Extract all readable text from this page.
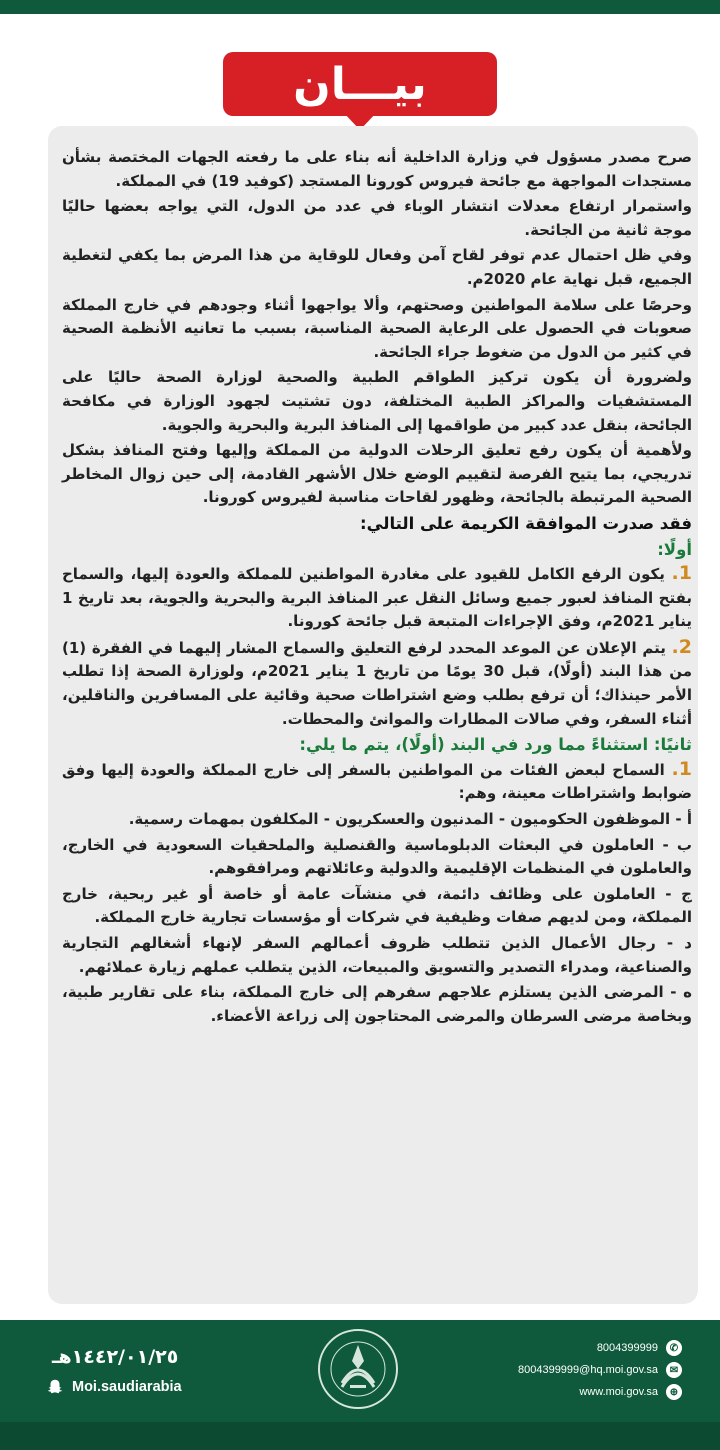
بيـــان

صرح مصدر مسؤول في وزارة الداخلية أنه بناء على ما رفعته الجهات المختصة بشأن مستجدات المواجهة مع جائحة فيروس كورونا المستجد (كوفيد 19) في المملكة.

واستمرار ارتفاع معدلات انتشار الوباء في عدد من الدول، التي يواجه بعضها حاليًا موجة ثانية من الجائحة.

وفي ظل احتمال عدم توفر لقاح آمن وفعال للوقاية من هذا المرض بما يكفي لتغطية الجميع، قبل نهاية عام 2020م.

وحرصًا على سلامة المواطنين وصحتهم، وألا يواجهوا أثناء وجودهم في خارج المملكة صعوبات في الحصول على الرعاية الصحية المناسبة، بسبب ما تعانيه الأنظمة الصحية في كثير من الدول من ضغوط جراء الجائحة.

ولضرورة أن يكون تركيز الطواقم الطبية والصحية لوزارة الصحة حاليًا على المستشفيات والمراكز الطبية المختلفة، دون تشتيت لجهود الوزارة في مكافحة الجائحة، بنقل عدد كبير من طواقمها إلى المنافذ البرية والبحرية والجوية.

ولأهمية أن يكون رفع تعليق الرحلات الدولية من المملكة وإليها وفتح المنافذ بشكل تدريجي، بما يتيح الفرصة لتقييم الوضع خلال الأشهر القادمة، إلى حين زوال المخاطر الصحية المرتبطة بالجائحة، وظهور لقاحات مناسبة لفيروس كورونا.

فقد صدرت الموافقة الكريمة على التالي:

أولًا:

1. يكون الرفع الكامل للقيود على مغادرة المواطنين للمملكة والعودة إليها، والسماح بفتح المنافذ لعبور جميع وسائل النقل عبر المنافذ البرية والبحرية والجوية، بعد تاريخ 1 يناير 2021م، وفق الإجراءات المتبعة قبل جائحة كورونا.

2. يتم الإعلان عن الموعد المحدد لرفع التعليق والسماح المشار إليهما في الفقرة (1) من هذا البند (أولًا)، قبل 30 يومًا من تاريخ 1 يناير 2021م، ولوزارة الصحة إذا تطلب الأمر حينذاك؛ أن ترفع بطلب وضع اشتراطات صحية وقائية على المسافرين والناقلين، أثناء السفر، وفي صالات المطارات والموانئ والمحطات.

ثانيًا: استثناءً مما ورد في البند (أولًا)، يتم ما يلي:

1. السماح لبعض الفئات من المواطنين بالسفر إلى خارج المملكة والعودة إليها وفق ضوابط واشتراطات معينة، وهم:

أ - الموظفون الحكوميون - المدنيون والعسكريون - المكلفون بمهمات رسمية.

ب - العاملون في البعثات الدبلوماسية والقنصلية والملحقيات السعودية في الخارج، والعاملون في المنظمات الإقليمية والدولية وعائلاتهم ومرافقوهم.

ج - العاملون على وظائف دائمة، في منشآت عامة أو خاصة أو غير ربحية، خارج المملكة، ومن لديهم صفات وظيفية في شركات أو مؤسسات تجارية خارج المملكة.

د - رجال الأعمال الذين تتطلب ظروف أعمالهم السفر لإنهاء أشغالهم التجارية والصناعية، ومدراء التصدير والتسويق والمبيعات، الذين يتطلب عملهم زيارة عملائهم.

ه - المرضى الذين يستلزم علاجهم سفرهم إلى خارج المملكة، بناء على تقارير طبية، وبخاصة مرضى السرطان والمرضى المحتاجون إلى زراعة الأعضاء.

١٤٤٢/٠١/٢٥هـ
Moi.saudiarabia
8004399999	✆
8004399999@hq.moi.gov.sa	✉
www.moi.gov.sa	⊕
